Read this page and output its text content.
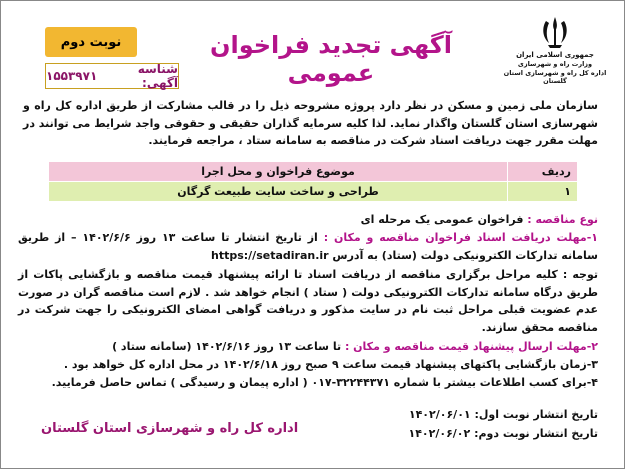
جمهوری اسلامی ایران
وزارت راه و شهرسازی
اداره کل راه و شهرسازی استان گلستان
آگهی تجدید فراخوان عمومی
نوبت دوم
شناسه آگهی:
۱۵۵۳۹۷۱
سازمان ملی زمین و مسکن در نظر دارد پروژه مشروحه ذیل را در قالب مشارکت از طریق اداره کل راه و شهرسازی استان گلستان واگذار نماید. لذا کلیه سرمایه گذاران حقیقی و حقوقی واجد شرایط می توانند در مهلت مقرر جهت دریافت اسناد شرکت در مناقصه به سامانه ستاد ، مراجعه فرمایند.
ردیف	موضوع فراخوان و محل اجرا
۱	طراحی و ساخت سایت طبیعت گرگان
نوع مناقصه : فراخوان عمومی یک مرحله ای
۱-مهلت دریافت اسناد فراخوان مناقصه و مکان : از تاریخ انتشار تا ساعت ۱۳ روز ۱۴۰۲/۶/۶ – از طریق سامانه تدارکات الکترونیکی دولت (ستاد) به آدرس https://setadiran.ir
توجه : کلیه مراحل برگزاری مناقصه از دریافت اسناد تا ارائه پیشنهاد قیمت مناقصه و بازگشایی پاکات از طریق درگاه سامانه تدارکات الکترونیکی دولت ( ستاد ) انجام خواهد شد . لازم است مناقصه گران در صورت عدم عضویت قبلی مراحل ثبت نام در سایت مذکور و دریافت گواهی امضای الکترونیکی را جهت شرکت در مناقصه محقق سازند.
۲-مهلت ارسال پیشنهاد قیمت مناقصه و مکان : تا ساعت ۱۳ روز ۱۴۰۲/۶/۱۶ (سامانه ستاد )
۳-زمان بازگشایی پاکتهای پیشنهاد قیمت ساعت ۹ صبح روز ۱۴۰۲/۶/۱۸ در محل اداره کل خواهد بود .
۴-برای کسب اطلاعات بیشتر با شماره ۳۲۲۴۴۳۷۱-۰۱۷ ( اداره پیمان و رسیدگی ) تماس حاصل فرمایید.
تاریخ انتشار نوبت اول: ۱۴۰۲/۰۶/۰۱
تاریخ انتشار نوبت دوم: ۱۴۰۲/۰۶/۰۲
اداره کل راه و شهرسازی استان گلستان
